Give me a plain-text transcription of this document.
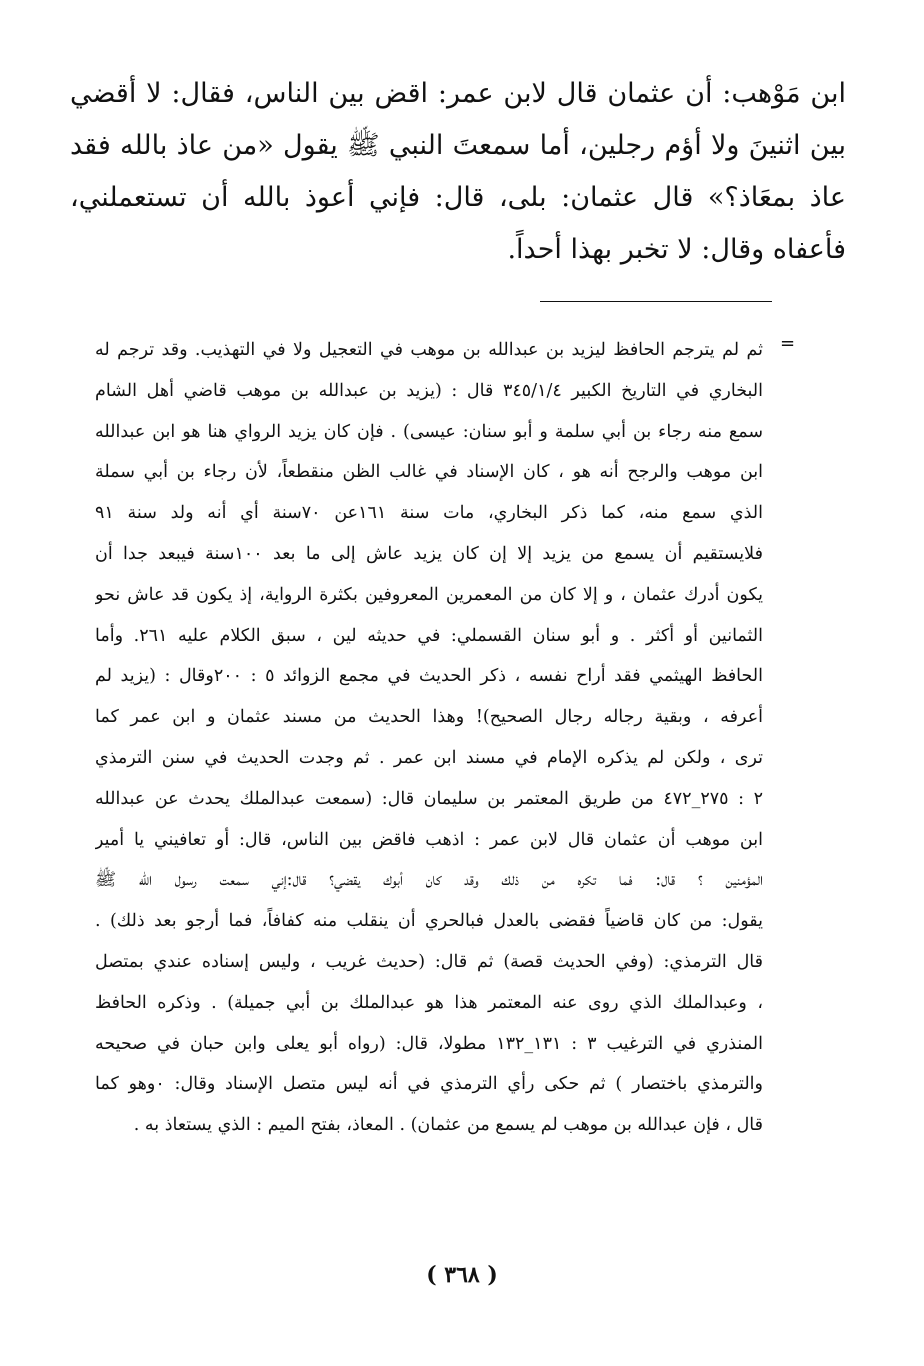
ابن مَوْهب: أن عثمان قال لابن عمر: اقض بين الناس، فقال: لا أقضي بين اثنينَ ولا أؤم رجلين، أما سمعتَ النبي ﷺ يقول «من عاذ بالله فقد عاذ بمعَاذ؟» قال عثمان: بلى، قال: فإني أعوذ بالله أن تستعملني، فأعفاه وقال: لا تخبر بهذا أحداً.

=
ثم لم يترجم الحافظ ليزيد بن عبدالله بن موهب في التعجيل ولا في التهذيب. وقد ترجم له
البخاري في التاريخ الكبير ٣٤٥/١/٤ قال : (يزيد بن عبدالله بن موهب قاضي أهل الشام
سمع منه رجاء بن أبي سلمة و أبو سنان: عيسى) . فإن كان يزيد الرواي هنا هو ابن عبدالله
ابن موهب والرجح أنه هو ، كان الإسناد في غالب الظن منقطعاً، لأن رجاء بن أبي سملة
الذي سمع منه، كما ذكر البخاري، مات سنة ١٦١عن ٧٠سنة أي أنه ولد سنة ٩١
فلايستقيم أن يسمع من يزيد إلا إن كان يزيد عاش إلى ما بعد ١٠٠سنة فيبعد جدا أن
يكون أدرك عثمان ، و إلا كان من المعمرين المعروفين بكثرة الرواية، إذ يكون قد عاش نحو
الثمانين أو أكثر . و أبو سنان القسملي: في حديثه لين ، سبق الكلام عليه ٢٦١. وأما
الحافظ الهيثمي فقد أراح نفسه ، ذكر الحديث في مجمع الزوائد ٥ : ٢٠٠وقال : (يزيد لم
أعرفه ، وبقية رجاله رجال الصحيح)! وهذا الحديث من مسند عثمان و ابن عمر كما
ترى ، ولكن لم يذكره الإمام في مسند ابن عمر . ثم وجدت الحديث في سنن الترمذي
٢ : ٢٧٥_٤٧٢ من طريق المعتمر بن سليمان قال: (سمعت عبدالملك يحدث عن عبدالله
ابن موهب أن عثمان قال لابن عمر : اذهب فاقض بين الناس، قال: أو تعافيني يا أمير
المؤمنين ؟ قال: فما تكره من ذلك وقد كان أبوك يقضي؟ قال:إني سمعت رسول الله ﷺ
يقول: من كان قاضياً فقضى بالعدل فبالحري أن ينقلب منه كفافاً، فما أرجو بعد ذلك) .
قال الترمذي: (وفي الحديث قصة) ثم قال: (حديث غريب ، وليس إسناده عندي بمتصل
، وعبدالملك الذي روى عنه المعتمر هذا هو عبدالملك بن أبي جميلة) . وذكره الحافظ
المنذري في الترغيب ٣ : ١٣١_١٣٢ مطولا، قال: (رواه أبو يعلى وابن حبان في صحيحه
والترمذي باختصار ) ثم حكى رأي الترمذي في أنه ليس متصل الإسناد وقال: ٠وهو كما
قال ، فإن عبدالله بن موهب لم يسمع من عثمان) . المعاذ، بفتح الميم : الذي يستعاذ به .
( ٣٦٨ )
